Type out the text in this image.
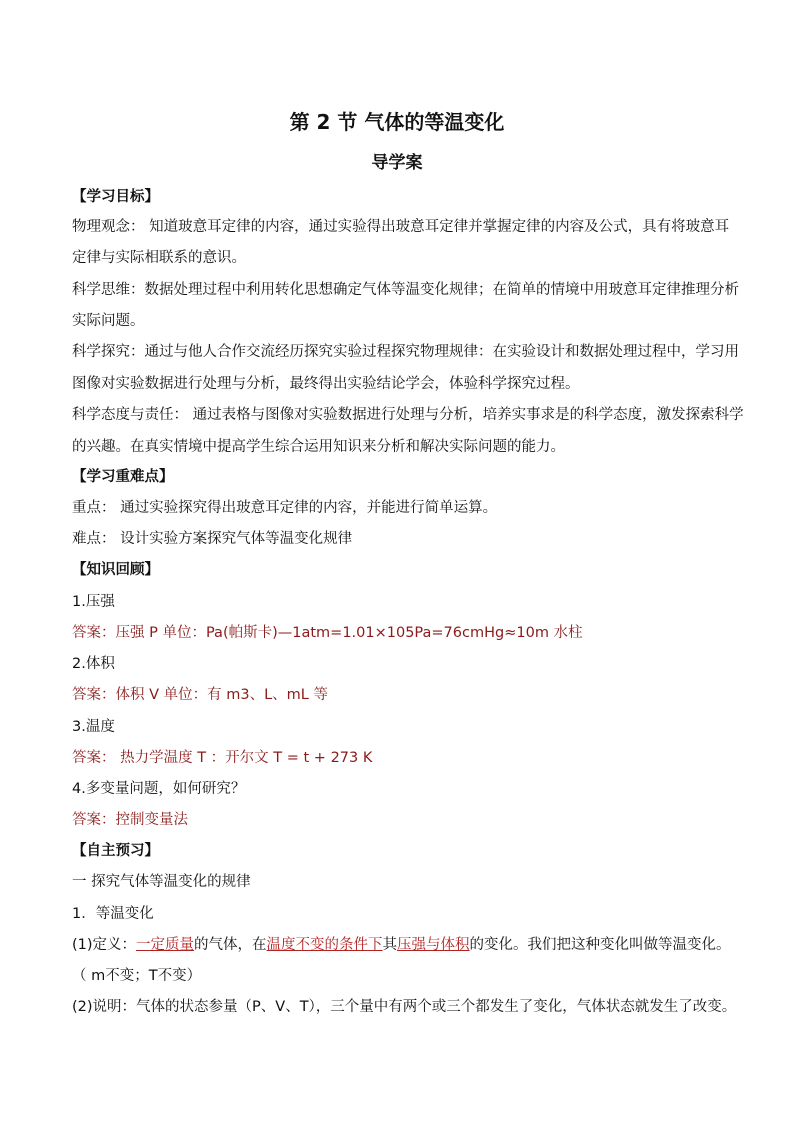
第 2 节 气体的等温变化
导学案
【学习目标】
物理观念： 知道玻意耳定律的内容，通过实验得出玻意耳定律并掌握定律的内容及公式，具有将玻意耳
定律与实际相联系的意识。
科学思维：数据处理过程中利用转化思想确定气体等温变化规律；在简单的情境中用玻意耳定律推理分析
实际问题。
科学探究：通过与他人合作交流经历探究实验过程探究物理规律：在实验设计和数据处理过程中，学习用
图像对实验数据进行处理与分析，最终得出实验结论学会，体验科学探究过程。
科学态度与责任： 通过表格与图像对实验数据进行处理与分析，培养实事求是的科学态度，激发探索科学
的兴趣。在真实情境中提高学生综合运用知识来分析和解决实际问题的能力。
【学习重难点】
重点： 通过实验探究得出玻意耳定律的内容，并能进行简单运算。
难点： 设计实验方案探究气体等温变化规律
【知识回顾】
1.压强
答案：压强 P 单位：Pa(帕斯卡)—1atm=1.01×105Pa=76cmHg≈10m 水柱
2.体积
答案：体积 V 单位：有 m3、L、mL 等
3.温度
答案： 热力学温度 T ：开尔文 T = t + 273 K
4.多变量问题，如何研究？
答案：控制变量法
【自主预习】
一 探究气体等温变化的规律
1．等温变化
(1)定义：一定质量的气体，在温度不变的条件下其压强与体积的变化。我们把这种变化叫做等温变化。
（ m不变；T不变）
(2)说明：气体的状态参量（P、V、T），三个量中有两个或三个都发生了变化，气体状态就发生了改变。
